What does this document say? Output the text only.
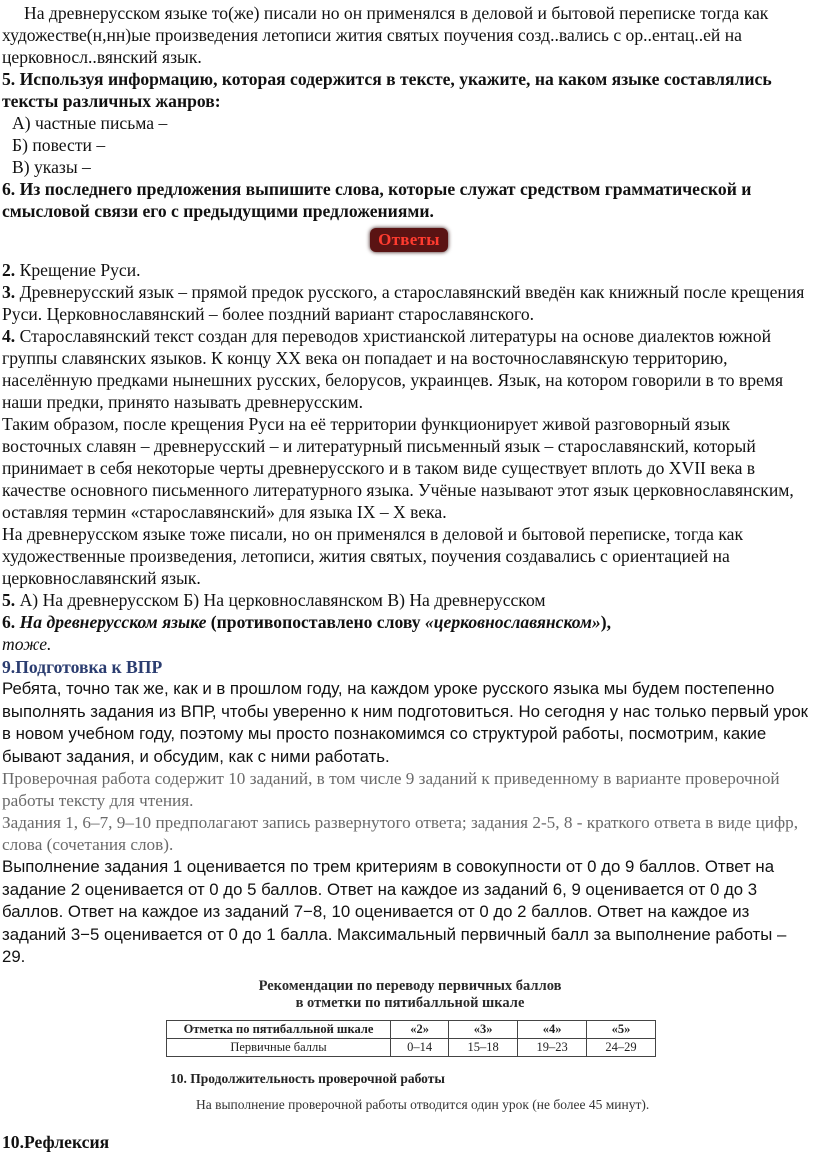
На древнерусском языке то(же) писали но он применялся в деловой и бытовой переписке тогда как художестве(н,нн)ые произведения летописи жития святых поучения созд..вались с ор..ентац..ей на церковносл..вянский язык.

5. Используя информацию, которая содержится в тексте, укажите, на каком языке составлялись тексты различных жанров:

А) частные письма –

Б) повести –

В) указы –

6. Из последнего предложения выпишите слова, которые служат средством грамматической и смысловой связи его с предыдущими предложениями.

Ответы

2. Крещение Руси.

3. Древнерусский язык – прямой предок русского, а старославянский введён как книжный после крещения Руси. Церковнославянский – более поздний вариант старославянского.

4. Старославянский текст создан для переводов христианской литературы на основе диалектов южной группы славянских языков. К концу XX века он попадает и на восточнославянскую территорию, населённую предками нынешних русских, белорусов, украинцев. Язык, на котором говорили в то время наши предки, принято называть древнерусским.

Таким образом, после крещения Руси на её территории функционирует живой разговорный язык восточных славян – древнерусский – и литературный письменный язык – старославянский, который принимает в себя некоторые черты древнерусского и в таком виде существует вплоть до XVII века в качестве основного письменного литературного языка. Учёные называют этот язык церковнославянским, оставляя термин «старославянский» для языка IX – X века.

На древнерусском языке тоже писали, но он применялся в деловой и бытовой переписке, тогда как художественные произведения, летописи, жития святых, поучения создавались с ориентацией на церковнославянский язык.

5. А) На древнерусском Б) На церковнославянском В) На древнерусском

6. На древнерусском языке (противопоставлено слову «церковнославянском»),

тоже.

9.Подготовка к ВПР

Ребята, точно так же, как и в прошлом году, на каждом уроке русского языка мы будем постепенно выполнять задания из ВПР, чтобы уверенно к ним подготовиться. Но сегодня у нас только первый урок в новом учебном году, поэтому мы просто познакомимся со структурой работы, посмотрим, какие бывают задания, и обсудим, как с ними работать.

Проверочная работа содержит 10 заданий, в том числе 9 заданий к приведенному в варианте проверочной работы тексту для чтения.

Задания 1, 6–7, 9–10 предполагают запись развернутого ответа; задания 2-5, 8 - краткого ответа в виде цифр, слова (сочетания слов).

Выполнение задания 1 оценивается по трем критериям в совокупности от 0 до 9 баллов. Ответ на задание 2 оценивается от 0 до 5 баллов. Ответ на каждое из заданий 6, 9 оценивается от 0 до 3 баллов. Ответ на каждое из заданий 7−8, 10 оценивается от 0 до 2 баллов. Ответ на каждое из заданий 3−5 оценивается от 0 до 1 балла. Максимальный первичный балл за выполнение работы – 29.

Рекомендации по переводу первичных баллов
в отметки по пятибалльной шкале
Отметка по пятибалльной шкале	«2»	«3»	«4»	«5»
Первичные баллы	0–14	15–18	19–23	24–29
10. Продолжительность проверочной работы
На выполнение проверочной работы отводится один урок (не более 45 минут).
10.Рефлексия
